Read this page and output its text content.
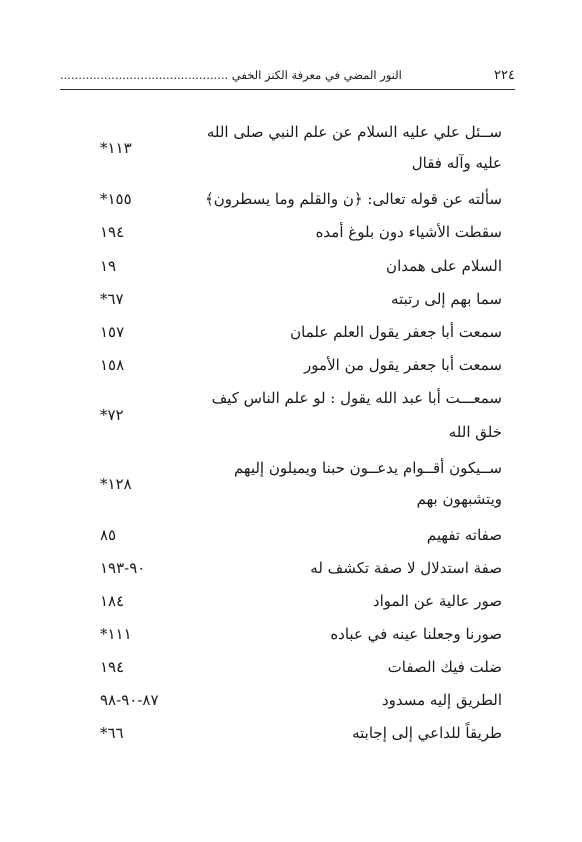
النور المضي في معرفة الكنز الخفي ..............................................	٢٢٤
ســئل علي عليه السلام عن علم النبي صلى الله
عليه وآله فقال
١١٣*
سألته عن قوله تعالى: ﴿ن والقلم وما يسطرون﴾
١٥٥*
سقطت الأشياء دون بلوغ أمده
١٩٤
السلام على همدان
١٩
سما بهم إلى رتبته
٦٧*
سمعت أبا جعفر يقول العلم علمان
١٥٧
سمعت أبا جعفر يقول من الأمور
١٥٨
سمعـــت أبا عبد الله يقول : لو علم الناس كيف
خلق الله
٧٢*
ســيكون أقــوام يدعــون حبنا ويميلون إليهم
ويتشبهون بهم
١٢٨*
صفاته تفهيم
٨٥
صفة استدلال لا صفة تكشف له
٩٠-١٩٣
صور عالية عن المواد
١٨٤
صورنا وجعلنا عينه في عباده
١١١*
ضلت فيك الصفات
١٩٤
الطريق إليه مسدود
٨٧-٩٠-٩٨
طريقاً للداعي إلى إجابته
٦٦*
